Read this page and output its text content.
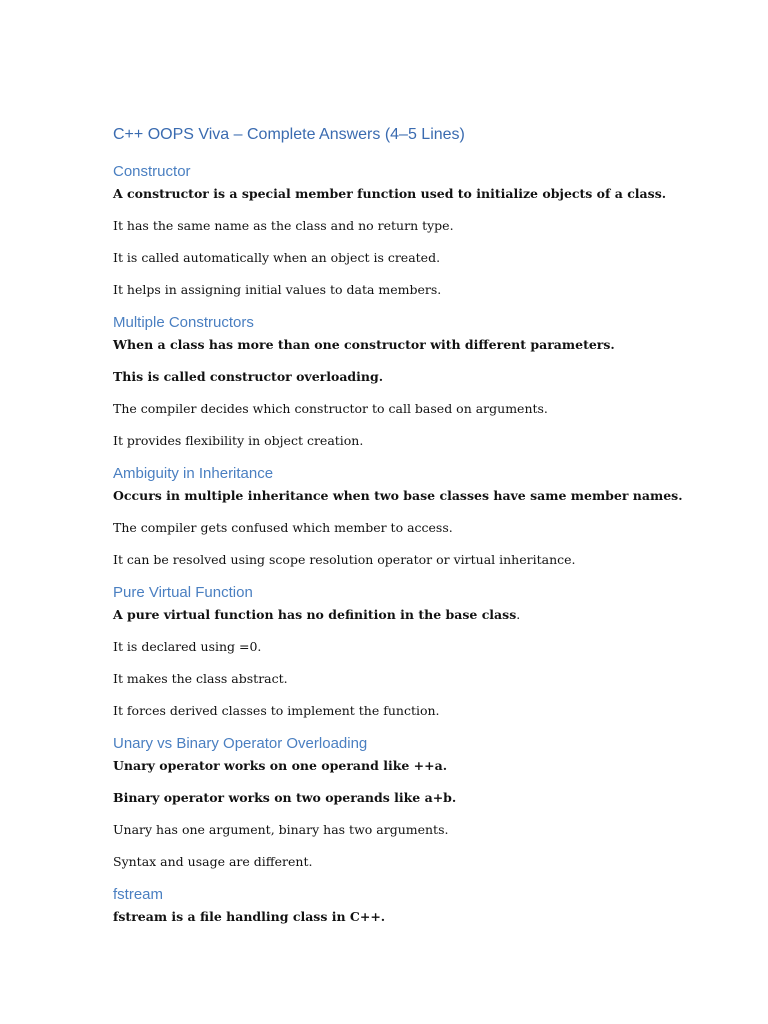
C++ OOPS Viva – Complete Answers (4–5 Lines)
Constructor

A constructor is a special member function used to initialize objects of a class.

It has the same name as the class and no return type.

It is called automatically when an object is created.

It helps in assigning initial values to data members.

Multiple Constructors

When a class has more than one constructor with different parameters.

This is called constructor overloading.

The compiler decides which constructor to call based on arguments.

It provides flexibility in object creation.

Ambiguity in Inheritance

Occurs in multiple inheritance when two base classes have same member names.

The compiler gets confused which member to access.

It can be resolved using scope resolution operator or virtual inheritance.

Pure Virtual Function

A pure virtual function has no definition in the base class.

It is declared using =0.

It makes the class abstract.

It forces derived classes to implement the function.

Unary vs Binary Operator Overloading

Unary operator works on one operand like ++a.

Binary operator works on two operands like a+b.

Unary has one argument, binary has two arguments.

Syntax and usage are different.

fstream

fstream is a file handling class in C++.
